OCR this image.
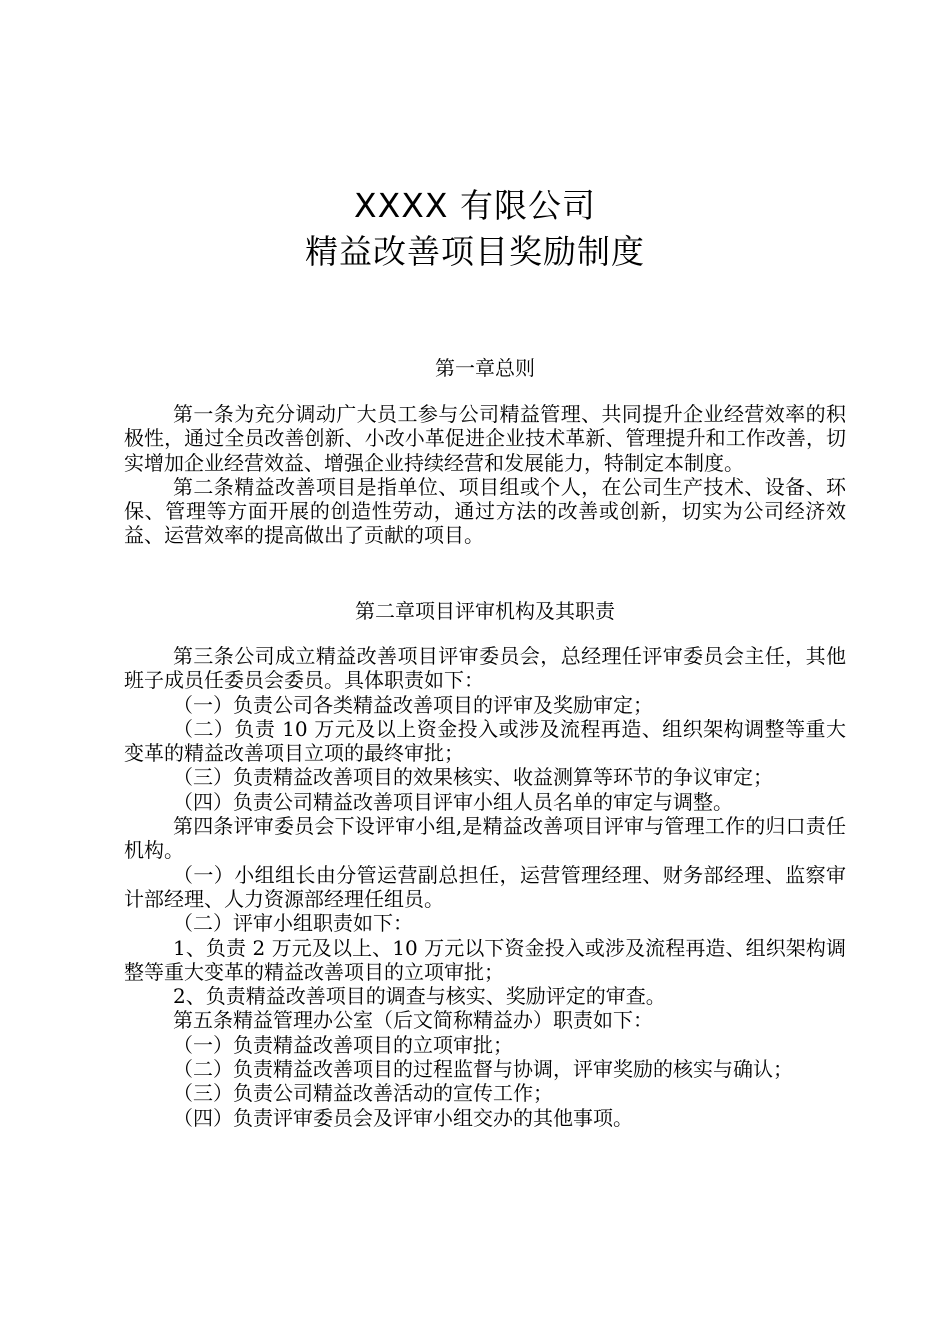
XXXX 有限公司
精益改善项目奖励制度
第一章总则

第一条为充分调动广大员工参与公司精益管理、共同提升企业经营效率的积极性，通过全员改善创新、小改小革促进企业技术革新、管理提升和工作改善，切实增加企业经营效益、增强企业持续经营和发展能力，特制定本制度。

第二条精益改善项目是指单位、项目组或个人，在公司生产技术、设备、环保、管理等方面开展的创造性劳动，通过方法的改善或创新，切实为公司经济效益、运营效率的提高做出了贡献的项目。

第二章项目评审机构及其职责

第三条公司成立精益改善项目评审委员会，总经理任评审委员会主任，其他班子成员任委员会委员。具体职责如下：

（一）负责公司各类精益改善项目的评审及奖励审定；

（二）负责 10 万元及以上资金投入或涉及流程再造、组织架构调整等重大变革的精益改善项目立项的最终审批；

（三）负责精益改善项目的效果核实、收益测算等环节的争议审定；

（四）负责公司精益改善项目评审小组人员名单的审定与调整。

第四条评审委员会下设评审小组,是精益改善项目评审与管理工作的归口责任机构。

（一）小组组长由分管运营副总担任，运营管理经理、财务部经理、监察审计部经理、人力资源部经理任组员。

（二）评审小组职责如下：

1、负责 2 万元及以上、10 万元以下资金投入或涉及流程再造、组织架构调整等重大变革的精益改善项目的立项审批；

2、负责精益改善项目的调查与核实、奖励评定的审查。

第五条精益管理办公室（后文简称精益办）职责如下：

（一）负责精益改善项目的立项审批；

（二）负责精益改善项目的过程监督与协调，评审奖励的核实与确认；

（三）负责公司精益改善活动的宣传工作；

（四）负责评审委员会及评审小组交办的其他事项。
